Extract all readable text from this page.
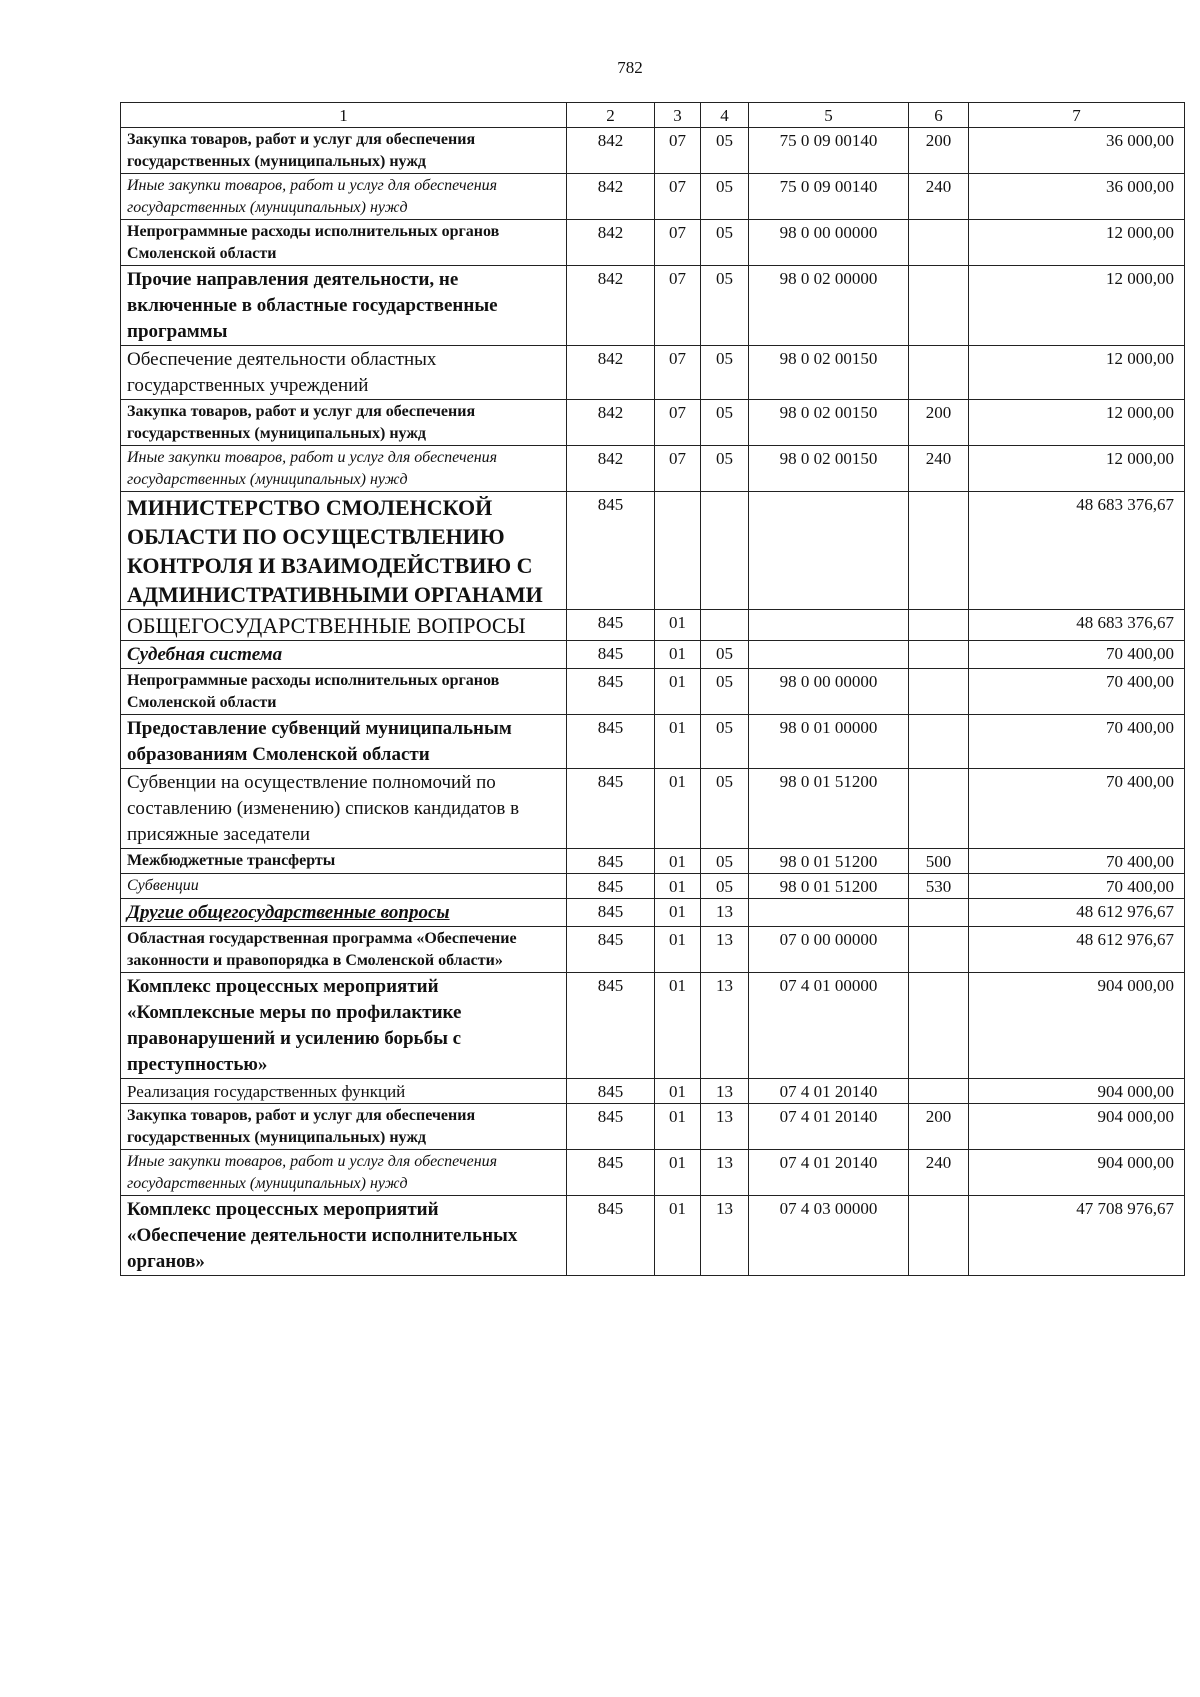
782
1	2	3	4	5	6	7
Закупка товаров, работ и услуг для обеспечения государственных (муниципальных) нужд	842	07	05	75 0 09 00140	200	36 000,00
Иные закупки товаров, работ и услуг для обеспечения государственных (муниципальных) нужд	842	07	05	75 0 09 00140	240	36 000,00
Непрограммные расходы исполнительных органов Смоленской области	842	07	05	98 0 00 00000		12 000,00
Прочие направления деятельности, не включенные в областные государственные программы	842	07	05	98 0 02 00000		12 000,00
Обеспечение деятельности областных государственных учреждений	842	07	05	98 0 02 00150		12 000,00
Закупка товаров, работ и услуг для обеспечения государственных (муниципальных) нужд	842	07	05	98 0 02 00150	200	12 000,00
Иные закупки товаров, работ и услуг для обеспечения государственных (муниципальных) нужд	842	07	05	98 0 02 00150	240	12 000,00
МИНИСТЕРСТВО СМОЛЕНСКОЙ ОБЛАСТИ ПО ОСУЩЕСТВЛЕНИЮ КОНТРОЛЯ И ВЗАИМОДЕЙСТВИЮ С АДМИНИСТРАТИВНЫМИ ОРГАНАМИ	845					48 683 376,67
ОБЩЕГОСУДАРСТВЕННЫЕ ВОПРОСЫ	845	01				48 683 376,67
Судебная система	845	01	05			70 400,00
Непрограммные расходы исполнительных органов Смоленской области	845	01	05	98 0 00 00000		70 400,00
Предоставление субвенций муниципальным образованиям Смоленской области	845	01	05	98 0 01 00000		70 400,00
Субвенции на осуществление полномочий по составлению (изменению) списков кандидатов в присяжные заседатели	845	01	05	98 0 01 51200		70 400,00
Межбюджетные трансферты	845	01	05	98 0 01 51200	500	70 400,00
Субвенции	845	01	05	98 0 01 51200	530	70 400,00
Другие общегосударственные вопросы	845	01	13			48 612 976,67
Областная государственная программа «Обеспечение законности и правопорядка в Смоленской области»	845	01	13	07 0 00 00000		48 612 976,67
Комплекс процессных мероприятий «Комплексные меры по профилактике правонарушений и усилению борьбы с преступностью»	845	01	13	07 4 01 00000		904 000,00
Реализация государственных функций	845	01	13	07 4 01 20140		904 000,00
Закупка товаров, работ и услуг для обеспечения государственных (муниципальных) нужд	845	01	13	07 4 01 20140	200	904 000,00
Иные закупки товаров, работ и услуг для обеспечения государственных (муниципальных) нужд	845	01	13	07 4 01 20140	240	904 000,00
Комплекс процессных мероприятий «Обеспечение деятельности исполнительных органов»	845	01	13	07 4 03 00000		47 708 976,67
